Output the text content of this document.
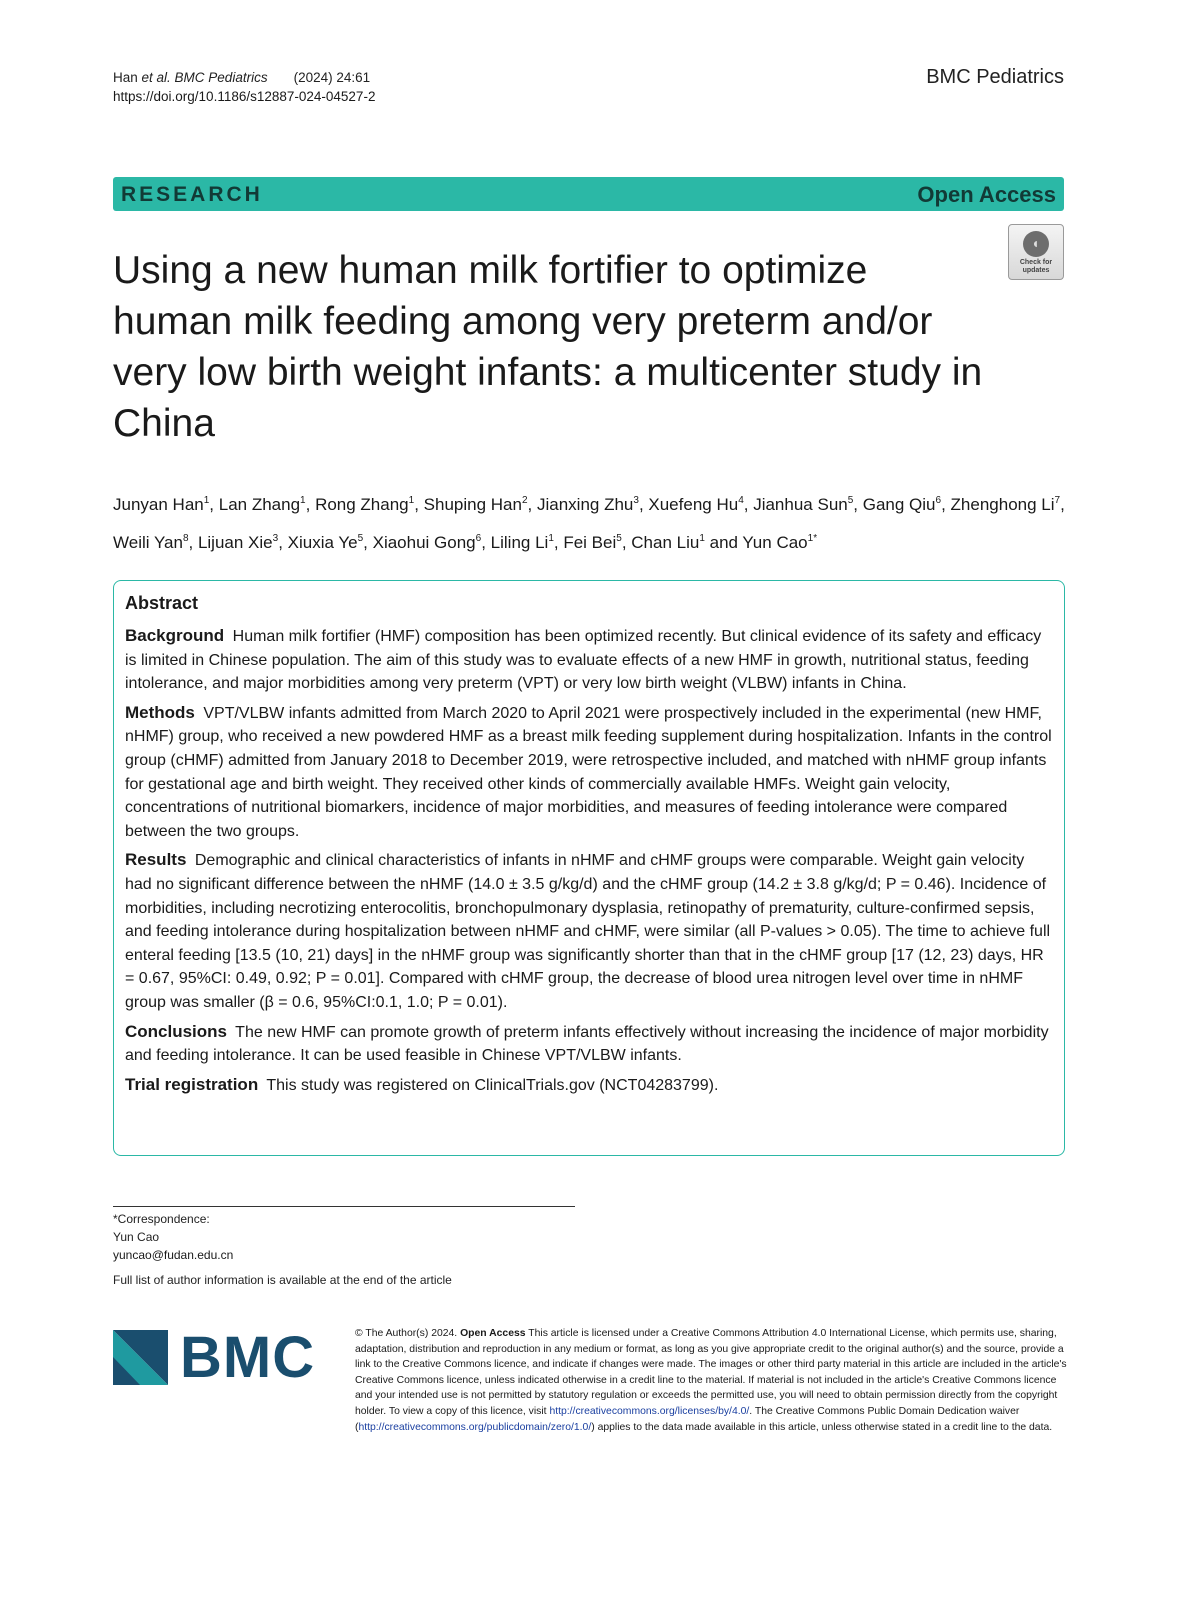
Han et al. BMC Pediatrics (2024) 24:61
https://doi.org/10.1186/s12887-024-04527-2
BMC Pediatrics
RESEARCH	Open Access
◖
Check for
updates
Using a new human milk fortifier to optimize human milk feeding among very preterm and/or very low birth weight infants: a multicenter study in China
Junyan Han$^1$, Lan Zhang$^1$, Rong Zhang$^1$, Shuping Han$^2$, Jianxing Zhu$^3$, Xuefeng Hu$^4$, Jianhua Sun$^5$, Gang Qiu$^6$, Zhenghong Li$^7$, Weili Yan$^8$, Lijuan Xie$^3$, Xiuxia Ye$^5$, Xiaohui Gong$^6$, Liling Li$^1$, Fei Bei$^5$, Chan Liu$^1$ and Yun Cao$^{1*}$
Abstract

Background Human milk fortifier (HMF) composition has been optimized recently. But clinical evidence of its safety and efficacy is limited in Chinese population. The aim of this study was to evaluate effects of a new HMF in growth, nutritional status, feeding intolerance, and major morbidities among very preterm (VPT) or very low birth weight (VLBW) infants in China.

Methods VPT/VLBW infants admitted from March 2020 to April 2021 were prospectively included in the experimental (new HMF, nHMF) group, who received a new powdered HMF as a breast milk feeding supplement during hospitalization. Infants in the control group (cHMF) admitted from January 2018 to December 2019, were retrospective included, and matched with nHMF group infants for gestational age and birth weight. They received other kinds of commercially available HMFs. Weight gain velocity, concentrations of nutritional biomarkers, incidence of major morbidities, and measures of feeding intolerance were compared between the two groups.

Results Demographic and clinical characteristics of infants in nHMF and cHMF groups were comparable. Weight gain velocity had no significant difference between the nHMF (14.0 ± 3.5 g/kg/d) and the cHMF group (14.2 ± 3.8 g/kg/d; P = 0.46). Incidence of morbidities, including necrotizing enterocolitis, bronchopulmonary dysplasia, retinopathy of prematurity, culture-confirmed sepsis, and feeding intolerance during hospitalization between nHMF and cHMF, were similar (all P-values > 0.05). The time to achieve full enteral feeding [13.5 (10, 21) days] in the nHMF group was significantly shorter than that in the cHMF group [17 (12, 23) days, HR = 0.67, 95%CI: 0.49, 0.92; P = 0.01]. Compared with cHMF group, the decrease of blood urea nitrogen level over time in nHMF group was smaller (β = 0.6, 95%CI:0.1, 1.0; P = 0.01).

Conclusions The new HMF can promote growth of preterm infants effectively without increasing the incidence of major morbidity and feeding intolerance. It can be used feasible in Chinese VPT/VLBW infants.

Trial registration This study was registered on ClinicalTrials.gov (NCT04283799).

*Correspondence:
Yun Cao
yuncao@fudan.edu.cn
Full list of author information is available at the end of the article
BMC	© The Author(s) 2024. Open Access This article is licensed under a Creative Commons Attribution 4.0 International License, which permits use, sharing, adaptation, distribution and reproduction in any medium or format, as long as you give appropriate credit to the original author(s) and the source, provide a link to the Creative Commons licence, and indicate if changes were made. The images or other third party material in this article are included in the article's Creative Commons licence, unless indicated otherwise in a credit line to the material. If material is not included in the article's Creative Commons licence and your intended use is not permitted by statutory regulation or exceeds the permitted use, you will need to obtain permission directly from the copyright holder. To view a copy of this licence, visit http://creativecommons.org/licenses/by/4.0/. The Creative Commons Public Domain Dedication waiver (http://creativecommons.org/publicdomain/zero/1.0/) applies to the data made available in this article, unless otherwise stated in a credit line to the data.
